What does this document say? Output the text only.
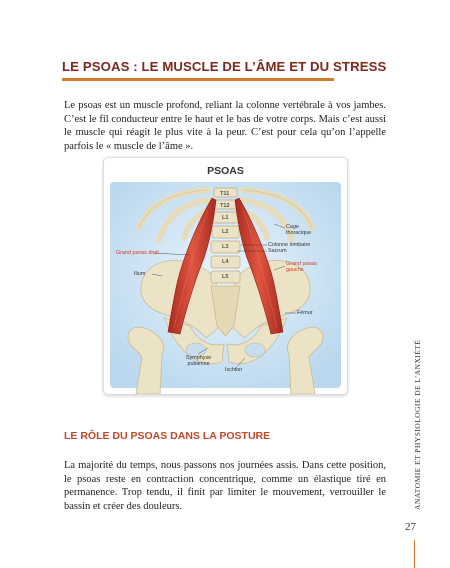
LE PSOAS : LE MUSCLE DE L’ÂME ET DU STRESS

Le psoas est un muscle profond, reliant la colonne vertébrale à vos jambes. C’est le fil conducteur entre le haut et le bas de votre corps. Mais c’est aussi le muscle qui réagit le plus vite à la peur. C’est pour cela qu’on l’appelle parfois le « muscle de l’âme ».

PSOAS
T11
T12
L1
L2
L3
L4
L5
Cage
thoracique
Colonne lombaire
Sacrum
Grand psoas droit
Grand psoas
gauche
Ilium
Fémur
Symphyse
pubienne
Ischion
LE RÔLE DU PSOAS DANS LA POSTURE

La majorité du temps, nous passons nos journées assis. Dans cette position, le psoas reste en contraction concentrique, comme un élastique tiré en permanence. Trop tendu, il finit par limiter le mouvement, verrouiller le bassin et créer des douleurs.	ANATOMIE ET PHYSIOLOGIE DE L’ANXIÉTÉ
27
